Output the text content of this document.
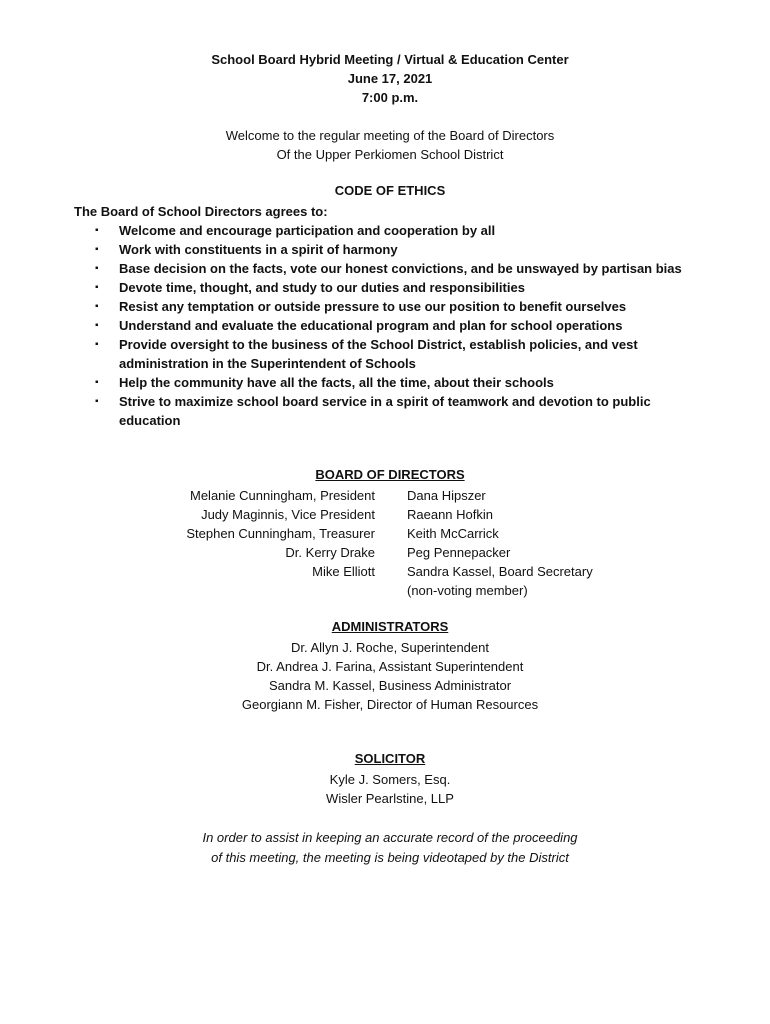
School Board Hybrid Meeting / Virtual & Education Center
June 17, 2021
7:00 p.m.
Welcome to the regular meeting of the Board of Directors
Of the Upper Perkiomen School District
CODE OF ETHICS
The Board of School Directors agrees to:
▪ Welcome and encourage participation and cooperation by all
▪ Work with constituents in a spirit of harmony
▪ Base decision on the facts, vote our honest convictions, and be unswayed by partisan bias
▪ Devote time, thought, and study to our duties and responsibilities
▪ Resist any temptation or outside pressure to use our position to benefit ourselves
▪ Understand and evaluate the educational program and plan for school operations
▪ Provide oversight to the business of the School District, establish policies, and vest administration in the Superintendent of Schools
▪ Help the community have all the facts, all the time, about their schools
▪ Strive to maximize school board service in a spirit of teamwork and devotion to public education
BOARD OF DIRECTORS
Melanie Cunningham, President
Judy Maginnis, Vice President
Stephen Cunningham, Treasurer
Dr. Kerry Drake
Mike Elliott
Dana Hipszer
Raeann Hofkin
Keith McCarrick
Peg Pennepacker
Sandra Kassel, Board Secretary
(non-voting member)
ADMINISTRATORS
Dr. Allyn J. Roche, Superintendent
Dr. Andrea J. Farina, Assistant Superintendent
Sandra M. Kassel, Business Administrator
Georgiann M. Fisher, Director of Human Resources
SOLICITOR
Kyle J. Somers, Esq.
Wisler Pearlstine, LLP
In order to assist in keeping an accurate record of the proceeding
of this meeting, the meeting is being videotaped by the District
